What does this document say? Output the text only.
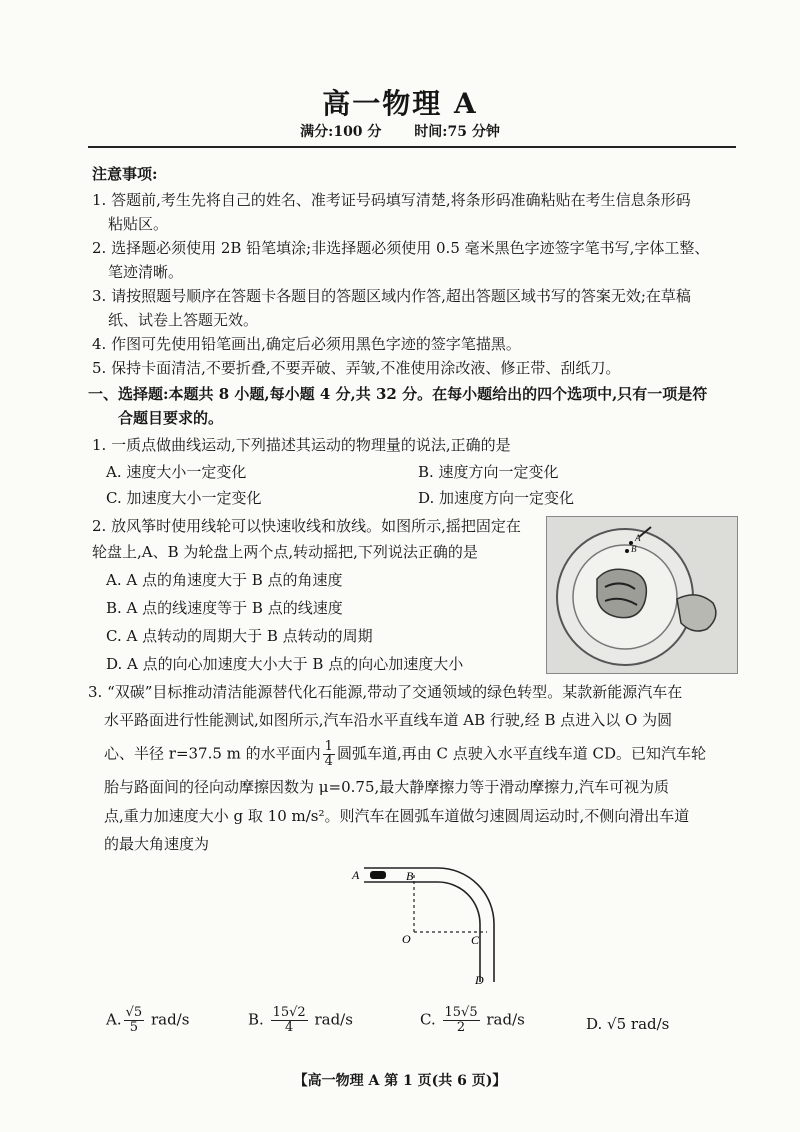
高一物理 A
满分:100 分 时间:75 分钟
注意事项:
1. 答题前,考生先将自己的姓名、准考证号码填写清楚,将条形码准确粘贴在考生信息条形码
粘贴区。
2. 选择题必须使用 2B 铅笔填涂;非选择题必须使用 0.5 毫米黑色字迹签字笔书写,字体工整、
笔迹清晰。
3. 请按照题号顺序在答题卡各题目的答题区域内作答,超出答题区域书写的答案无效;在草稿
纸、试卷上答题无效。
4. 作图可先使用铅笔画出,确定后必须用黑色字迹的签字笔描黑。
5. 保持卡面清洁,不要折叠,不要弄破、弄皱,不准使用涂改液、修正带、刮纸刀。
一、选择题:本题共 8 小题,每小题 4 分,共 32 分。在每小题给出的四个选项中,只有一项是符
合题目要求的。
1. 一质点做曲线运动,下列描述其运动的物理量的说法,正确的是
A. 速度大小一定变化	B. 速度方向一定变化
C. 加速度大小一定变化	D. 加速度方向一定变化
2. 放风筝时使用线轮可以快速收线和放线。如图所示,摇把固定在
轮盘上,A、B 为轮盘上两个点,转动摇把,下列说法正确的是
A. A 点的角速度大于 B 点的角速度
B. A 点的线速度等于 B 点的线速度
C. A 点转动的周期大于 B 点转动的周期
D. A 点的向心加速度大小大于 B 点的向心加速度大小
A
B
3. “双碳”目标推动清洁能源替代化石能源,带动了交通领域的绿色转型。某款新能源汽车在
水平路面进行性能测试,如图所示,汽车沿水平直线车道 AB 行驶,经 B 点进入以 O 为圆
心、半径 r=37.5 m 的水平面内 $\frac{1}{4}$ 圆弧车道,再由 C 点驶入水平直线车道 CD。已知汽车轮
胎与路面间的径向动摩擦因数为 μ=0.75,最大静摩擦力等于滑动摩擦力,汽车可视为质
点,重力加速度大小 g 取 10 m/s²。则汽车在圆弧车道做匀速圆周运动时,不侧向滑出车道
的最大角速度为
A	B
O	C
D
A. $\frac{√5}{5} rad/s$	B. $\frac{15√2}{4} rad/s$	C. $\frac{15√5}{2} rad/s$	D. √5 rad/s
【高一物理 A 第 1 页(共 6 页)】
